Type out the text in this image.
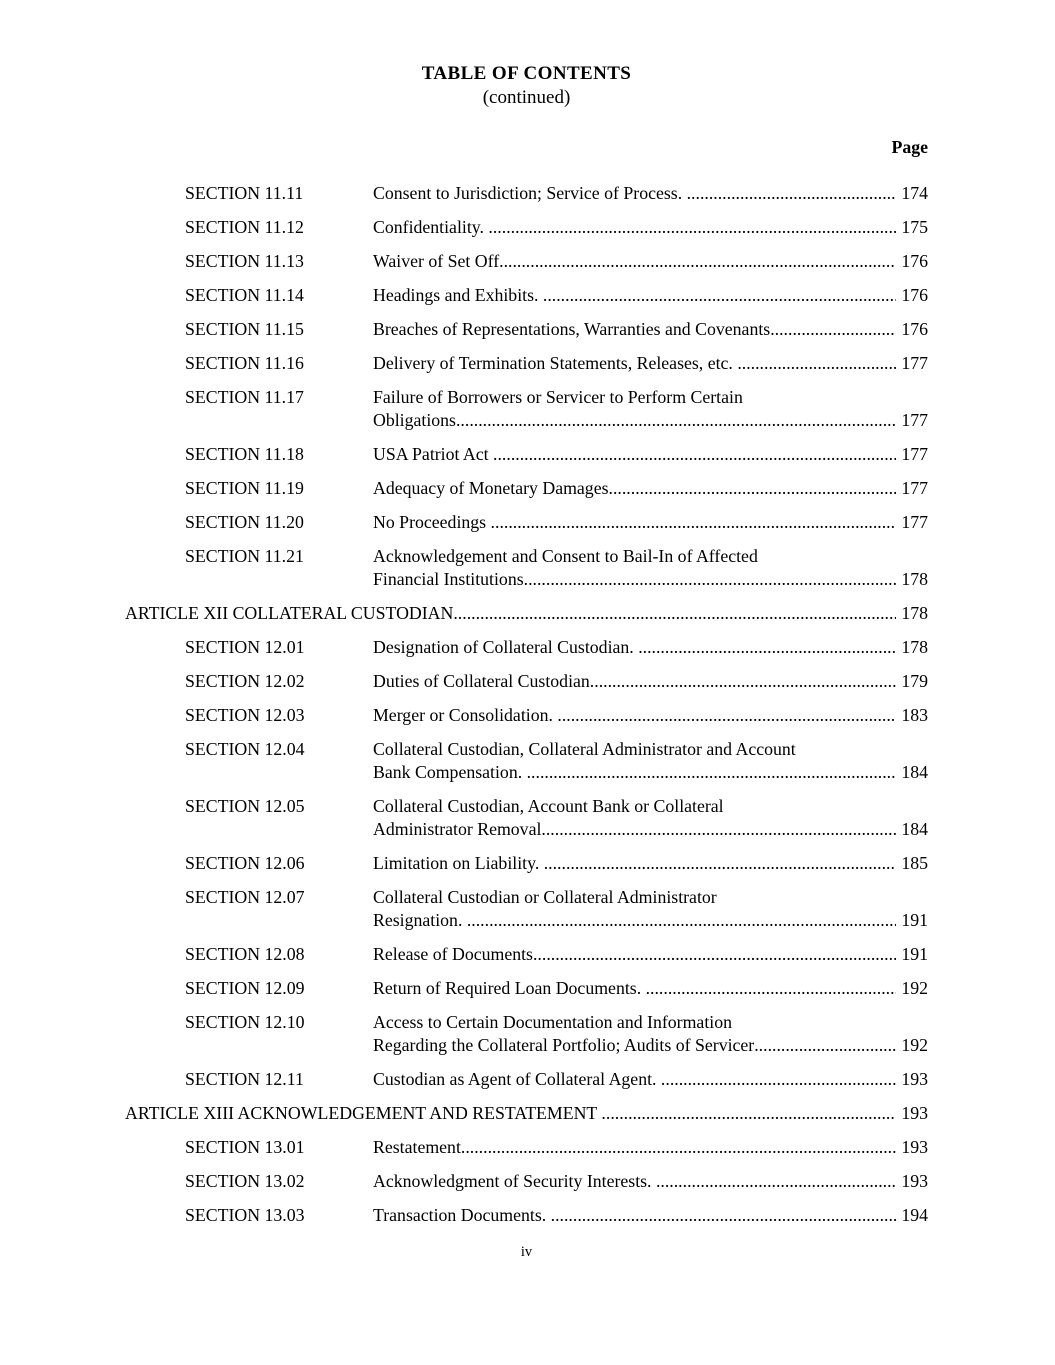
TABLE OF CONTENTS
(continued)
Page
SECTION 11.11	Consent to Jurisdiction; Service of Process. .....	174
SECTION 11.12	Confidentiality. .....	175
SECTION 11.13	Waiver of Set Off. .....	176
SECTION 11.14	Headings and Exhibits. .....	176
SECTION 11.15	Breaches of Representations, Warranties and Covenants. .....	176
SECTION 11.16	Delivery of Termination Statements, Releases, etc. .....	177
SECTION 11.17	Failure of Borrowers or Servicer to Perform Certain
Obligations .....	177
SECTION 11.18	USA Patriot Act .....	177
SECTION 11.19	Adequacy of Monetary Damages .....	177
SECTION 11.20	No Proceedings .....	177
SECTION 11.21	Acknowledgement and Consent to Bail-In of Affected
Financial Institutions .....	178
ARTICLE XII COLLATERAL CUSTODIAN .....	178
SECTION 12.01	Designation of Collateral Custodian. .....	178
SECTION 12.02	Duties of Collateral Custodian. .....	179
SECTION 12.03	Merger or Consolidation. .....	183
SECTION 12.04	Collateral Custodian, Collateral Administrator and Account
Bank Compensation. .....	184
SECTION 12.05	Collateral Custodian, Account Bank or Collateral
Administrator Removal. .....	184
SECTION 12.06	Limitation on Liability. .....	185
SECTION 12.07	Collateral Custodian or Collateral Administrator
Resignation. .....	191
SECTION 12.08	Release of Documents .....	191
SECTION 12.09	Return of Required Loan Documents. .....	192
SECTION 12.10	Access to Certain Documentation and Information
Regarding the Collateral Portfolio; Audits of Servicer .....	192
SECTION 12.11	Custodian as Agent of Collateral Agent. .....	193
ARTICLE XIII ACKNOWLEDGEMENT AND RESTATEMENT .....	193
SECTION 13.01	Restatement. .....	193
SECTION 13.02	Acknowledgment of Security Interests. .....	193
SECTION 13.03	Transaction Documents. .....	194
iv
